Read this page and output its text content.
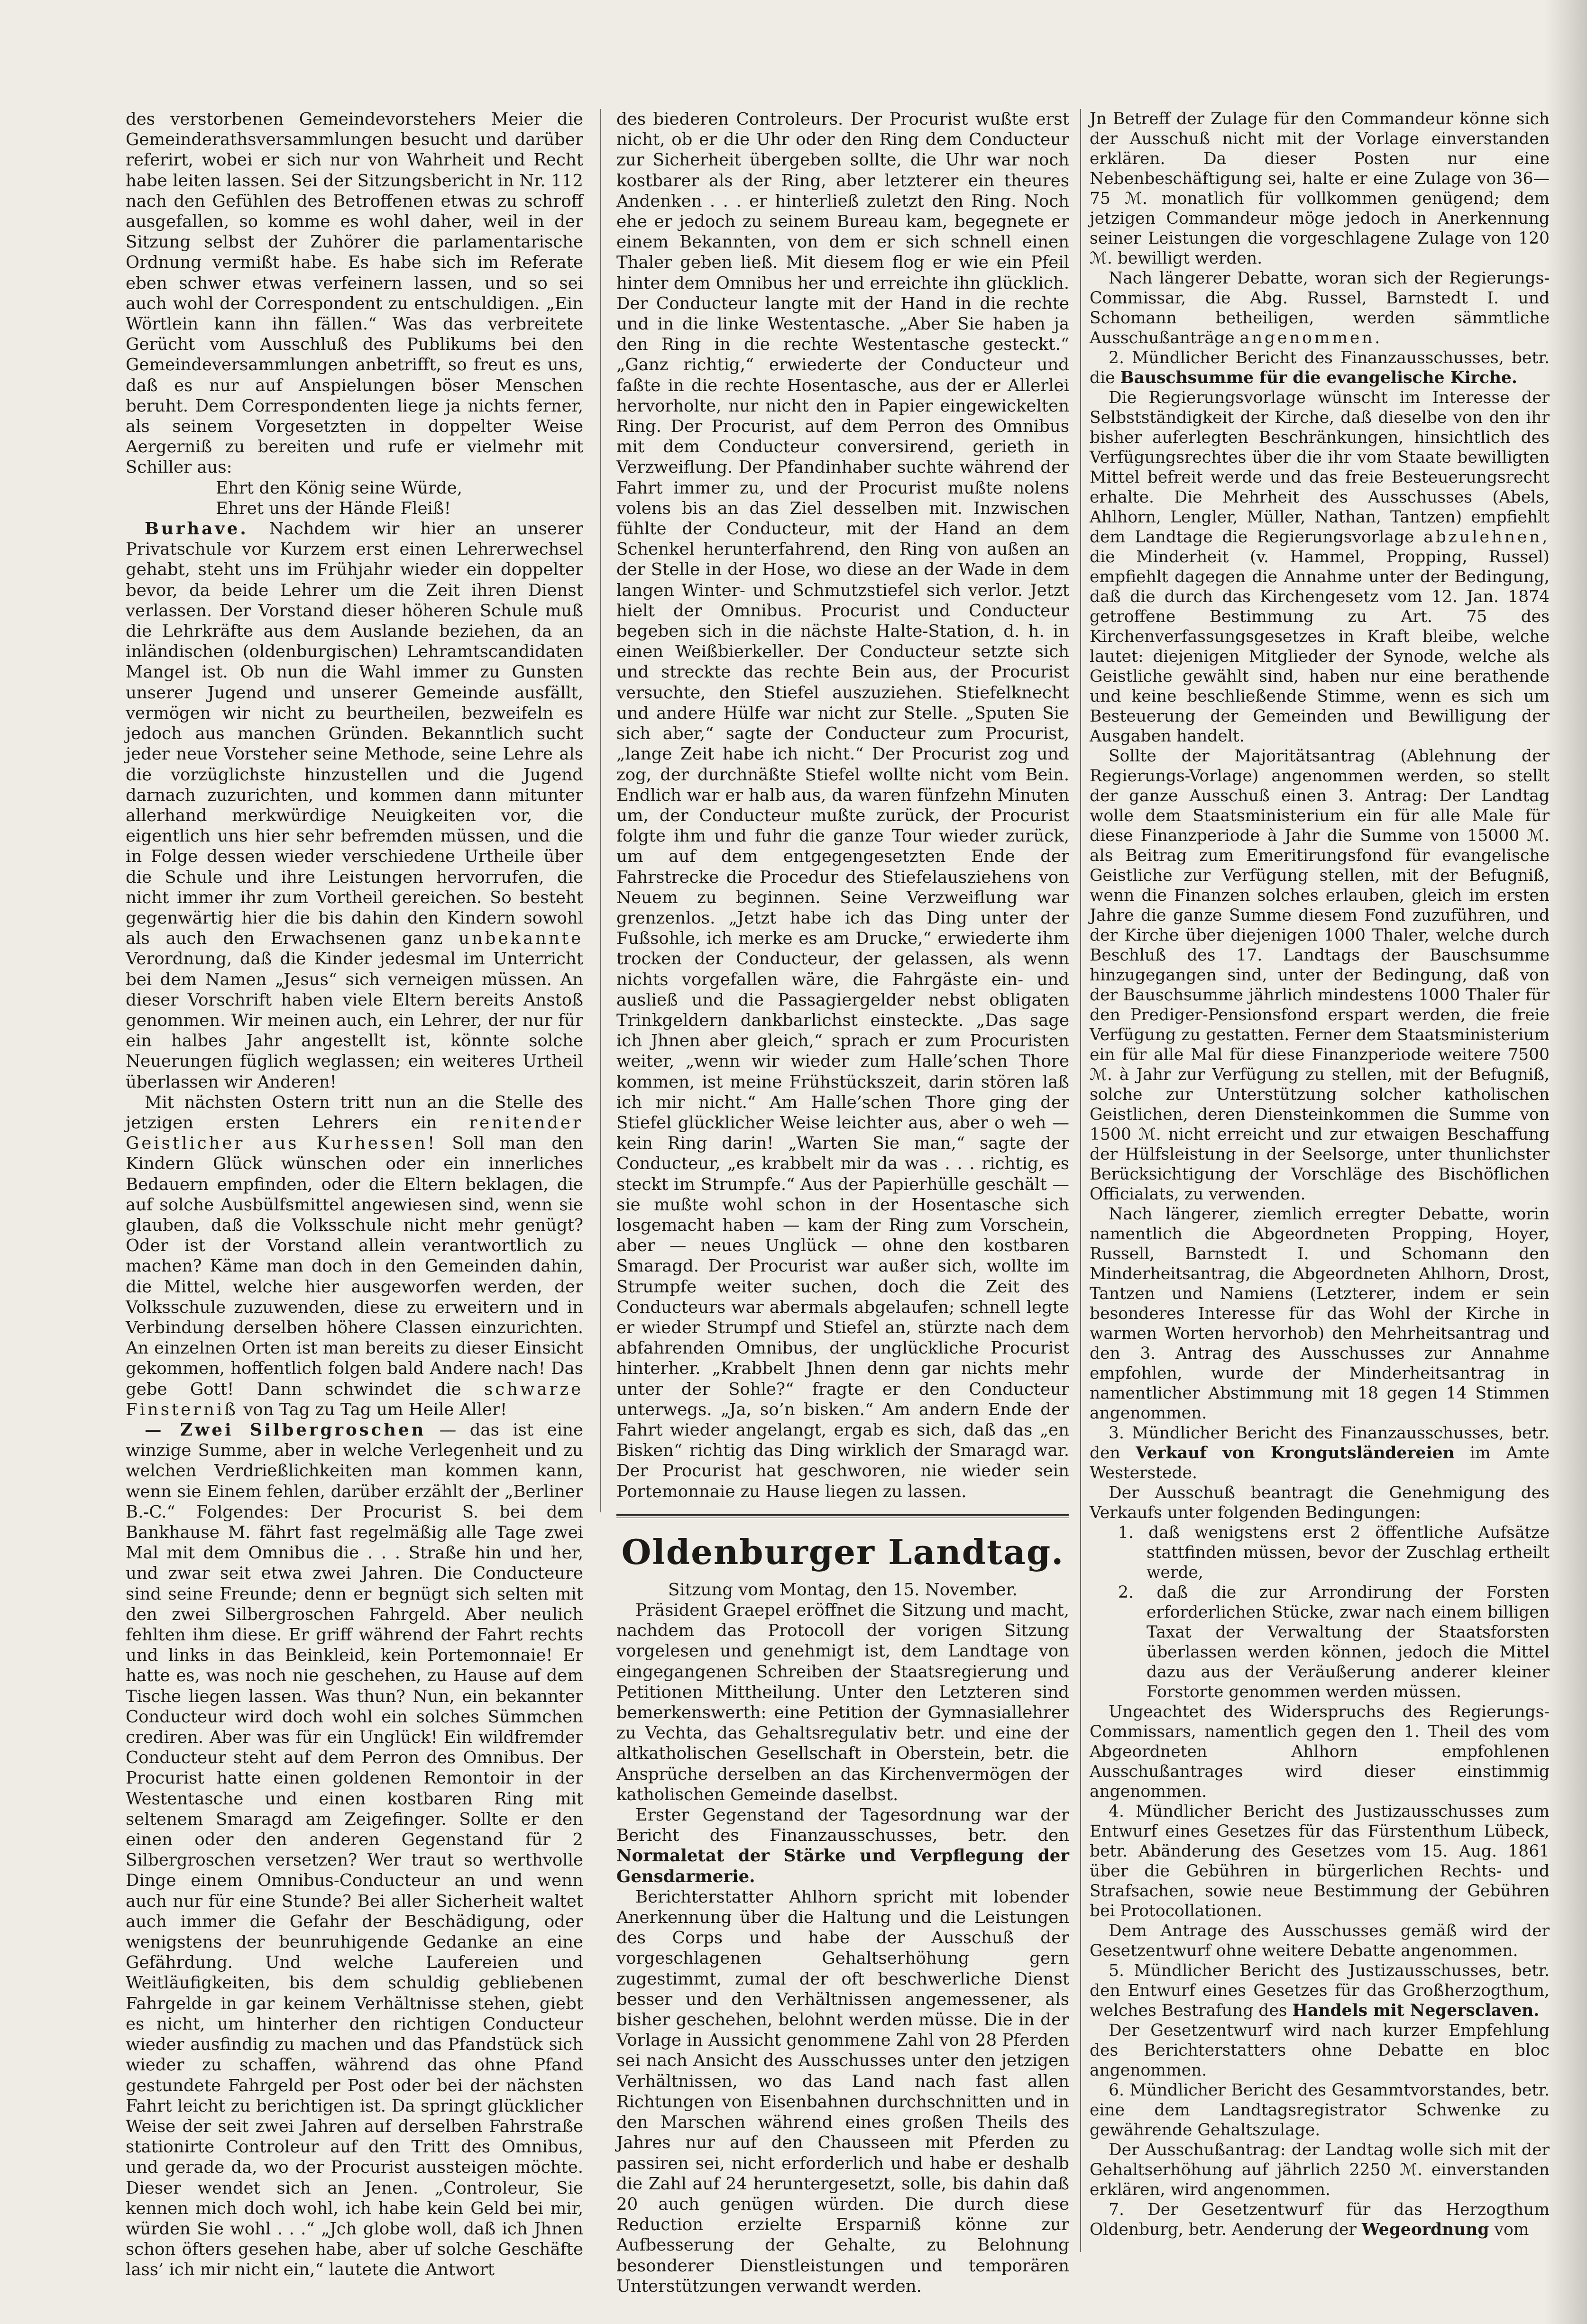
des verstorbenen Gemeindevorstehers Meier die Gemeinderathsversammlungen besucht und darüber referirt, wobei er sich nur von Wahrheit und Recht habe leiten lassen. Sei der Sitzungsbericht in Nr. 112 nach den Gefühlen des Betroffenen etwas zu schroff ausgefallen, so komme es wohl daher, weil in der Sitzung selbst der Zuhörer die parlamentarische Ordnung vermißt habe. Es habe sich im Referate eben schwer etwas verfeinern lassen, und so sei auch wohl der Correspondent zu entschuldigen. „Ein Wörtlein kann ihn fällen.“ Was das verbreitete Gerücht vom Ausschluß des Publikums bei den Gemeindeversammlungen anbetrifft, so freut es uns, daß es nur auf Anspielungen böser Menschen beruht. Dem Correspondenten liege ja nichts ferner, als seinem Vorgesetzten in doppelter Weise Aergerniß zu bereiten und rufe er vielmehr mit Schiller aus:

Ehrt den König seine Würde,

Ehret uns der Hände Fleiß!

Burhave. Nachdem wir hier an unserer Privatschule vor Kurzem erst einen Lehrerwechsel gehabt, steht uns im Frühjahr wieder ein doppelter bevor, da beide Lehrer um die Zeit ihren Dienst verlassen. Der Vorstand dieser höheren Schule muß die Lehrkräfte aus dem Auslande beziehen, da an inländischen (oldenburgischen) Lehramtscandidaten Mangel ist. Ob nun die Wahl immer zu Gunsten unserer Jugend und unserer Gemeinde ausfällt, vermögen wir nicht zu beurtheilen, bezweifeln es jedoch aus manchen Gründen. Bekanntlich sucht jeder neue Vorsteher seine Methode, seine Lehre als die vorzüglichste hinzustellen und die Jugend darnach zuzurichten, und kommen dann mitunter allerhand merkwürdige Neuigkeiten vor, die eigentlich uns hier sehr befremden müssen, und die in Folge dessen wieder verschiedene Urtheile über die Schule und ihre Leistungen hervorrufen, die nicht immer ihr zum Vortheil gereichen. So besteht gegenwärtig hier die bis dahin den Kindern sowohl als auch den Erwachsenen ganz unbekannte Verordnung, daß die Kinder jedesmal im Unterricht bei dem Namen „Jesus“ sich verneigen müssen. An dieser Vorschrift haben viele Eltern bereits Anstoß genommen. Wir meinen auch, ein Lehrer, der nur für ein halbes Jahr angestellt ist, könnte solche Neuerungen füglich weglassen; ein weiteres Urtheil überlassen wir Anderen!

Mit nächsten Ostern tritt nun an die Stelle des jetzigen ersten Lehrers ein renitender Geistlicher aus Kurhessen! Soll man den Kindern Glück wünschen oder ein innerliches Bedauern empfinden, oder die Eltern beklagen, die auf solche Ausbülfsmittel angewiesen sind, wenn sie glauben, daß die Volksschule nicht mehr genügt? Oder ist der Vorstand allein verantwortlich zu machen? Käme man doch in den Gemeinden dahin, die Mittel, welche hier ausgeworfen werden, der Volksschule zuzuwenden, diese zu erweitern und in Verbindung derselben höhere Classen einzurichten. An einzelnen Orten ist man bereits zu dieser Einsicht gekommen, hoffentlich folgen bald Andere nach! Das gebe Gott! Dann schwindet die schwarze Finsterniß von Tag zu Tag um Heile Aller!

— Zwei Silbergroschen — das ist eine winzige Summe, aber in welche Verlegenheit und zu welchen Verdrießlichkeiten man kommen kann, wenn sie Einem fehlen, darüber erzählt der „Berliner B.-C.“ Folgendes: Der Procurist S. bei dem Bankhause M. fährt fast regelmäßig alle Tage zwei Mal mit dem Omnibus die . . . Straße hin und her, und zwar seit etwa zwei Jahren. Die Conducteure sind seine Freunde; denn er begnügt sich selten mit den zwei Silbergroschen Fahrgeld. Aber neulich fehlten ihm diese. Er griff während der Fahrt rechts und links in das Beinkleid, kein Portemonnaie! Er hatte es, was noch nie geschehen, zu Hause auf dem Tische liegen lassen. Was thun? Nun, ein bekannter Conducteur wird doch wohl ein solches Sümmchen crediren. Aber was für ein Unglück! Ein wildfremder Conducteur steht auf dem Perron des Omnibus. Der Procurist hatte einen goldenen Remontoir in der Westentasche und einen kostbaren Ring mit seltenem Smaragd am Zeigefinger. Sollte er den einen oder den anderen Gegenstand für 2 Silbergroschen versetzen? Wer traut so werthvolle Dinge einem Omnibus-Conducteur an und wenn auch nur für eine Stunde? Bei aller Sicherheit waltet auch immer die Gefahr der Beschädigung, oder wenigstens der beunruhigende Gedanke an eine Gefährdung. Und welche Laufereien und Weitläufigkeiten, bis dem schuldig gebliebenen Fahrgelde in gar keinem Verhältnisse stehen, giebt es nicht, um hinterher den richtigen Conducteur wieder ausfindig zu machen und das Pfandstück sich wieder zu schaffen, während das ohne Pfand gestundete Fahrgeld per Post oder bei der nächsten Fahrt leicht zu berichtigen ist. Da springt glücklicher Weise der seit zwei Jahren auf derselben Fahrstraße stationirte Controleur auf den Tritt des Omnibus, und gerade da, wo der Procurist aussteigen möchte. Dieser wendet sich an Jenen. „Controleur, Sie kennen mich doch wohl, ich habe kein Geld bei mir, würden Sie wohl . . .“ „Jch globe woll, daß ich Jhnen schon öfters gesehen habe, aber uf solche Geschäfte lass’ ich mir nicht ein,“ lautete die Antwort

des biederen Controleurs. Der Procurist wußte erst nicht, ob er die Uhr oder den Ring dem Conducteur zur Sicherheit übergeben sollte, die Uhr war noch kostbarer als der Ring, aber letzterer ein theures Andenken . . . er hinterließ zuletzt den Ring. Noch ehe er jedoch zu seinem Bureau kam, begegnete er einem Bekannten, von dem er sich schnell einen Thaler geben ließ. Mit diesem flog er wie ein Pfeil hinter dem Omnibus her und erreichte ihn glücklich. Der Conducteur langte mit der Hand in die rechte und in die linke Westentasche. „Aber Sie haben ja den Ring in die rechte Westentasche gesteckt.“ „Ganz richtig,“ erwiederte der Conducteur und faßte in die rechte Hosentasche, aus der er Allerlei hervorholte, nur nicht den in Papier eingewickelten Ring. Der Procurist, auf dem Perron des Omnibus mit dem Conducteur conversirend, gerieth in Verzweiflung. Der Pfandinhaber suchte während der Fahrt immer zu, und der Procurist mußte nolens volens bis an das Ziel desselben mit. Inzwischen fühlte der Conducteur, mit der Hand an dem Schenkel herunterfahrend, den Ring von außen an der Stelle in der Hose, wo diese an der Wade in dem langen Winter- und Schmutzstiefel sich verlor. Jetzt hielt der Omnibus. Procurist und Conducteur begeben sich in die nächste Halte-Station, d. h. in einen Weißbierkeller. Der Conducteur setzte sich und streckte das rechte Bein aus, der Procurist versuchte, den Stiefel auszuziehen. Stiefelknecht und andere Hülfe war nicht zur Stelle. „Sputen Sie sich aber,“ sagte der Conducteur zum Procurist, „lange Zeit habe ich nicht.“ Der Procurist zog und zog, der durchnäßte Stiefel wollte nicht vom Bein. Endlich war er halb aus, da waren fünfzehn Minuten um, der Conducteur mußte zurück, der Procurist folgte ihm und fuhr die ganze Tour wieder zurück, um auf dem entgegengesetzten Ende der Fahrstrecke die Procedur des Stiefelausziehens von Neuem zu beginnen. Seine Verzweiflung war grenzenlos. „Jetzt habe ich das Ding unter der Fußsohle, ich merke es am Drucke,“ erwiederte ihm trocken der Conducteur, der gelassen, als wenn nichts vorgefallen wäre, die Fahrgäste ein- und ausließ und die Passagiergelder nebst obligaten Trinkgeldern dankbarlichst einsteckte. „Das sage ich Jhnen aber gleich,“ sprach er zum Procuristen weiter, „wenn wir wieder zum Halle’schen Thore kommen, ist meine Frühstückszeit, darin stören laß ich mir nicht.“ Am Halle’schen Thore ging der Stiefel glücklicher Weise leichter aus, aber o weh — kein Ring darin! „Warten Sie man,“ sagte der Conducteur, „es krabbelt mir da was . . . richtig, es steckt im Strumpfe.“ Aus der Papierhülle geschält — sie mußte wohl schon in der Hosentasche sich losgemacht haben — kam der Ring zum Vorschein, aber — neues Unglück — ohne den kostbaren Smaragd. Der Procurist war außer sich, wollte im Strumpfe weiter suchen, doch die Zeit des Conducteurs war abermals abgelaufen; schnell legte er wieder Strumpf und Stiefel an, stürzte nach dem abfahrenden Omnibus, der unglückliche Procurist hinterher. „Krabbelt Jhnen denn gar nichts mehr unter der Sohle?“ fragte er den Conducteur unterwegs. „Ja, so’n bisken.“ Am andern Ende der Fahrt wieder angelangt, ergab es sich, daß das „en Bisken“ richtig das Ding wirklich der Smaragd war. Der Procurist hat geschworen, nie wieder sein Portemonnaie zu Hause liegen zu lassen.

Oldenburger Landtag.

Sitzung vom Montag, den 15. November.

Präsident Graepel eröffnet die Sitzung und macht, nachdem das Protocoll der vorigen Sitzung vorgelesen und genehmigt ist, dem Landtage von eingegangenen Schreiben der Staatsregierung und Petitionen Mittheilung. Unter den Letzteren sind bemerkenswerth: eine Petition der Gymnasiallehrer zu Vechta, das Gehaltsregulativ betr. und eine der altkatholischen Gesellschaft in Oberstein, betr. die Ansprüche derselben an das Kirchenvermögen der katholischen Gemeinde daselbst.

Erster Gegenstand der Tagesordnung war der Bericht des Finanzausschusses, betr. den Normaletat der Stärke und Verpflegung der Gensdarmerie.

Berichterstatter Ahlhorn spricht mit lobender Anerkennung über die Haltung und die Leistungen des Corps und habe der Ausschuß der vorgeschlagenen Gehaltserhöhung gern zugestimmt, zumal der oft beschwerliche Dienst besser und den Verhältnissen angemessener, als bisher geschehen, belohnt werden müsse. Die in der Vorlage in Aussicht genommene Zahl von 28 Pferden sei nach Ansicht des Ausschusses unter den jetzigen Verhältnissen, wo das Land nach fast allen Richtungen von Eisenbahnen durchschnitten und in den Marschen während eines großen Theils des Jahres nur auf den Chausseen mit Pferden zu passiren sei, nicht erforderlich und habe er deshalb die Zahl auf 24 heruntergesetzt, solle, bis dahin daß 20 auch genügen würden. Die durch diese Reduction erzielte Ersparniß könne zur Aufbesserung der Gehalte, zu Belohnung besonderer Dienstleistungen und temporären Unterstützungen verwandt werden.

Jn Betreff der Zulage für den Commandeur könne sich der Ausschuß nicht mit der Vorlage einverstanden erklären. Da dieser Posten nur eine Nebenbeschäftigung sei, halte er eine Zulage von 36—75 ℳ. monatlich für vollkommen genügend; dem jetzigen Commandeur möge jedoch in Anerkennung seiner Leistungen die vorgeschlagene Zulage von 120 ℳ. bewilligt werden.

Nach längerer Debatte, woran sich der Regierungs-Commissar, die Abg. Russel, Barnstedt I. und Schomann betheiligen, werden sämmtliche Ausschußanträge angenommen.

2. Mündlicher Bericht des Finanzausschusses, betr. die Bauschsumme für die evangelische Kirche.

Die Regierungsvorlage wünscht im Interesse der Selbstständigkeit der Kirche, daß dieselbe von den ihr bisher auferlegten Beschränkungen, hinsichtlich des Verfügungsrechtes über die ihr vom Staate bewilligten Mittel befreit werde und das freie Besteuerungsrecht erhalte. Die Mehrheit des Ausschusses (Abels, Ahlhorn, Lengler, Müller, Nathan, Tantzen) empfiehlt dem Landtage die Regierungsvorlage abzulehnen, die Minderheit (v. Hammel, Propping, Russel) empfiehlt dagegen die Annahme unter der Bedingung, daß die durch das Kirchengesetz vom 12. Jan. 1874 getroffene Bestimmung zu Art. 75 des Kirchenverfassungsgesetzes in Kraft bleibe, welche lautet: diejenigen Mitglieder der Synode, welche als Geistliche gewählt sind, haben nur eine berathende und keine beschließende Stimme, wenn es sich um Besteuerung der Gemeinden und Bewilligung der Ausgaben handelt.

Sollte der Majoritätsantrag (Ablehnung der Regierungs-Vorlage) angenommen werden, so stellt der ganze Ausschuß einen 3. Antrag: Der Landtag wolle dem Staatsministerium ein für alle Male für diese Finanzperiode à Jahr die Summe von 15000 ℳ. als Beitrag zum Emeritirungsfond für evangelische Geistliche zur Verfügung stellen, mit der Befugniß, wenn die Finanzen solches erlauben, gleich im ersten Jahre die ganze Summe diesem Fond zuzuführen, und der Kirche über diejenigen 1000 Thaler, welche durch Beschluß des 17. Landtags der Bauschsumme hinzugegangen sind, unter der Bedingung, daß von der Bauschsumme jährlich mindestens 1000 Thaler für den Prediger-Pensionsfond erspart werden, die freie Verfügung zu gestatten. Ferner dem Staatsministerium ein für alle Mal für diese Finanzperiode weitere 7500 ℳ. à Jahr zur Verfügung zu stellen, mit der Befugniß, solche zur Unterstützung solcher katholischen Geistlichen, deren Diensteinkommen die Summe von 1500 ℳ. nicht erreicht und zur etwaigen Beschaffung der Hülfsleistung in der Seelsorge, unter thunlichster Berücksichtigung der Vorschläge des Bischöflichen Officialats, zu verwenden.

Nach längerer, ziemlich erregter Debatte, worin namentlich die Abgeordneten Propping, Hoyer, Russell, Barnstedt I. und Schomann den Minderheitsantrag, die Abgeordneten Ahlhorn, Drost, Tantzen und Namiens (Letzterer, indem er sein besonderes Interesse für das Wohl der Kirche in warmen Worten hervorhob) den Mehrheitsantrag und den 3. Antrag des Ausschusses zur Annahme empfohlen, wurde der Minderheitsantrag in namentlicher Abstimmung mit 18 gegen 14 Stimmen angenommen.

3. Mündlicher Bericht des Finanzausschusses, betr. den Verkauf von Krongutsländereien im Amte Westerstede.

Der Ausschuß beantragt die Genehmigung des Verkaufs unter folgenden Bedingungen:

1. daß wenigstens erst 2 öffentliche Aufsätze stattfinden müssen, bevor der Zuschlag ertheilt werde,

2. daß die zur Arrondirung der Forsten erforderlichen Stücke, zwar nach einem billigen Taxat der Verwaltung der Staatsforsten überlassen werden können, jedoch die Mittel dazu aus der Veräußerung anderer kleiner Forstorte genommen werden müssen.

Ungeachtet des Widerspruchs des Regierungs-Commissars, namentlich gegen den 1. Theil des vom Abgeordneten Ahlhorn empfohlenen Ausschußantrages wird dieser einstimmig angenommen.

4. Mündlicher Bericht des Justizausschusses zum Entwurf eines Gesetzes für das Fürstenthum Lübeck, betr. Abänderung des Gesetzes vom 15. Aug. 1861 über die Gebühren in bürgerlichen Rechts- und Strafsachen, sowie neue Bestimmung der Gebühren bei Protocollationen.

Dem Antrage des Ausschusses gemäß wird der Gesetzentwurf ohne weitere Debatte angenommen.

5. Mündlicher Bericht des Justizausschusses, betr. den Entwurf eines Gesetzes für das Großherzogthum, welches Bestrafung des Handels mit Negersclaven.

Der Gesetzentwurf wird nach kurzer Empfehlung des Berichterstatters ohne Debatte en bloc angenommen.

6. Mündlicher Bericht des Gesammtvorstandes, betr. eine dem Landtagsregistrator Schwenke zu gewährende Gehaltszulage.

Der Ausschußantrag: der Landtag wolle sich mit der Gehaltserhöhung auf jährlich 2250 ℳ. einverstanden erklären, wird angenommen.

7. Der Gesetzentwurf für das Herzogthum Oldenburg, betr. Aenderung der Wegeordnung vom
